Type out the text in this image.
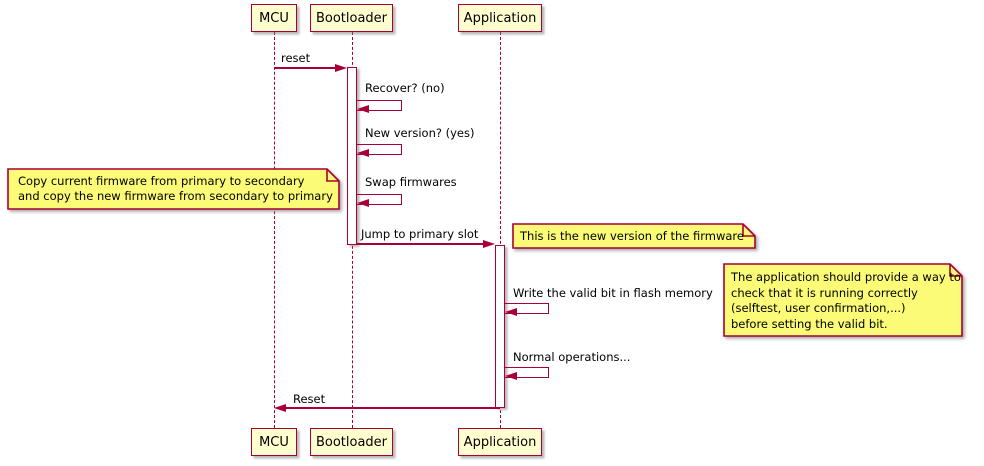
MCU Bootloader	Application
MCU Bootloader	Application
reset
Recover? (no)
New version? (yes)
Swap firmwares
Jump to primary slot
Write the valid bit in flash memory
Normal operations...
Reset
Copy current firmware from primary to secondary
and copy the new firmware from secondary to primary
This is the new version of the firmware
The application should provide a way to
check that it is running correctly
(selftest, user confirmation,...)
before setting the valid bit.
